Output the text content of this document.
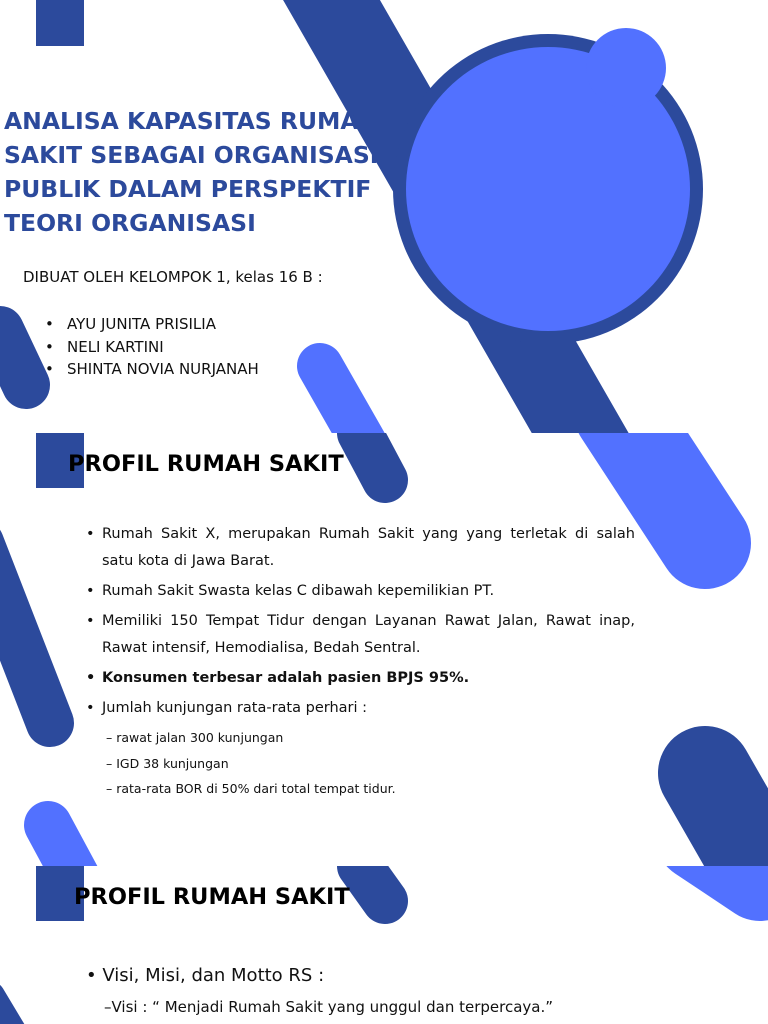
ANALISA KAPASITAS RUMAH SAKIT SEBAGAI ORGANISASI PUBLIK DALAM PERSPEKTIF TEORI ORGANISASI

DIBUAT OLEH KELOMPOK 1, kelas 16 B :

• AYU JUNITA PRISILIA
• NELI KARTINI
• SHINTA NOVIA NURJANAH
PROFIL RUMAH SAKIT
• Rumah Sakit X, merupakan Rumah Sakit yang yang terletak di salah satu kota di Jawa Barat.
• Rumah Sakit Swasta kelas C dibawah kepemilikian PT.
• Memiliki 150 Tempat Tidur dengan Layanan Rawat Jalan, Rawat inap, Rawat intensif, Hemodialisa, Bedah Sentral.
• Konsumen terbesar adalah pasien BPJS 95%.
• Jumlah kunjungan rata-rata perhari :
– rawat jalan 300 kunjungan
– IGD 38 kunjungan
– rata-rata BOR di 50% dari total tempat tidur.
PROFIL RUMAH SAKIT
• Visi, Misi, dan Motto RS :
– Visi : “ Menjadi Rumah Sakit yang unggul dan terpercaya.”
